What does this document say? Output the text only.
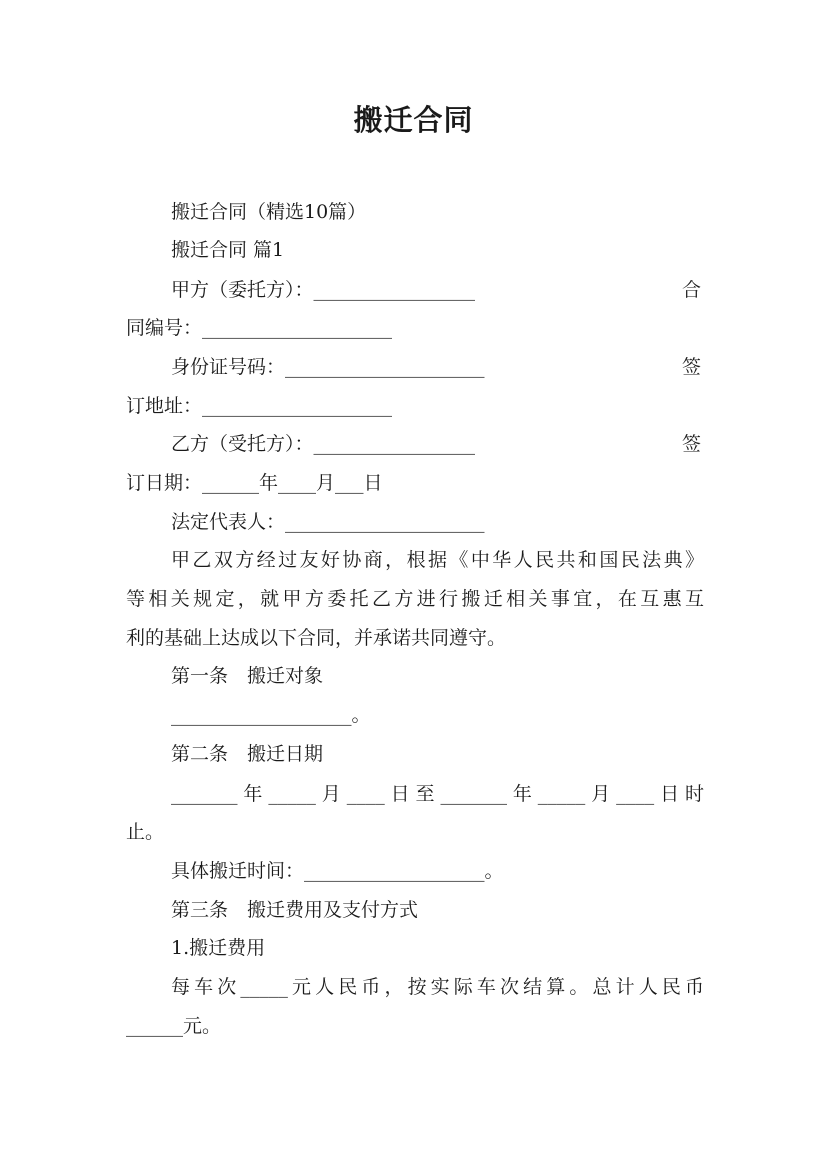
搬迁合同
搬迁合同（精选10篇）
搬迁合同 篇1
甲方（委托方）：_________________	合
同编号：____________________
身份证号码：_____________________	签
订地址：____________________
乙方（受托方）：_________________	签
订日期：______年____月___日
法定代表人：_____________________
甲乙双方经过友好协商，根据《中华人民共和国民法典》
等相关规定，就甲方委托乙方进行搬迁相关事宜，在互惠互
利的基础上达成以下合同，并承诺共同遵守。
第一条　搬迁对象
___________________。
第二条　搬迁日期
_______年_____月____日至_______年_____月____日时
止。
具体搬迁时间：___________________。
第三条　搬迁费用及支付方式
1.搬迁费用
每车次_____元人民币，按实际车次结算。总计人民币
______元。
